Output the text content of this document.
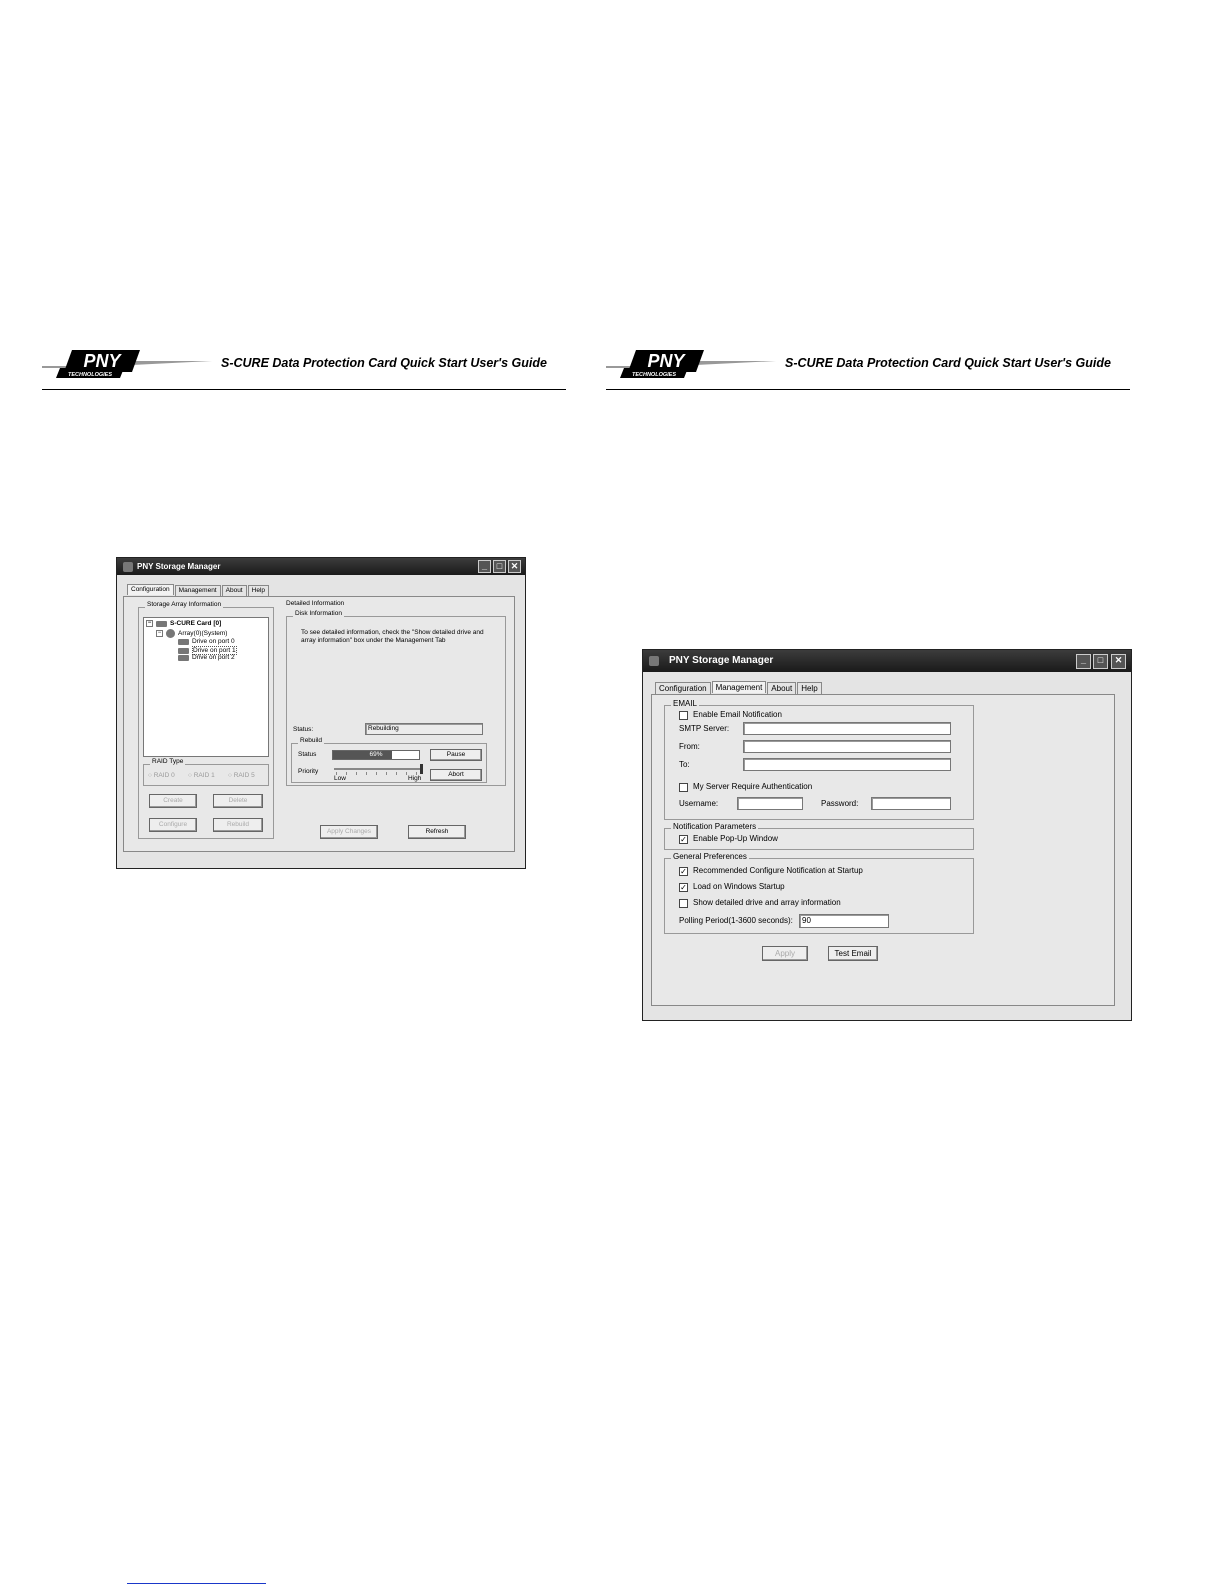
PNY
TECHNOLOGIES
S-CURE Data Protection Card Quick Start User's Guide	PNY
TECHNOLOGIES
S-CURE Data Protection Card Quick Start User's Guide
PNY Storage Manager	_	□ ✕
Configuration	Management	About	Help
Storage Array Information
−	S-CURE Card [0]
−	Array(0)(System)
Drive on port 0
Drive on port 1
Drive on port 2
RAID Type
○ RAID 0 ○ RAID 1 ○ RAID 5
Create	Delete
Configure	Rebuild
Detailed Information
Disk Information
To see detailed information, check the "Show detailed drive and array information" box under the Management Tab
Status:	Rebuilding
Rebuild
Status	69%	Pause
Priority
Low	High
Abort
Apply Changes	Refresh
PNY Storage Manager	_	□	✕
Configuration	Management	About	Help
EMAIL
Enable Email Notification
SMTP Server:
From:
To:
My Server Require Authentication
Username:	Password:
Notification Parameters
✓ Enable Pop-Up Window
General Preferences
✓ Recommended Configure Notification at Startup
✓ Load on Windows Startup
Show detailed drive and array information
Polling Period(1-3600 seconds):	90
Apply	Test Email
